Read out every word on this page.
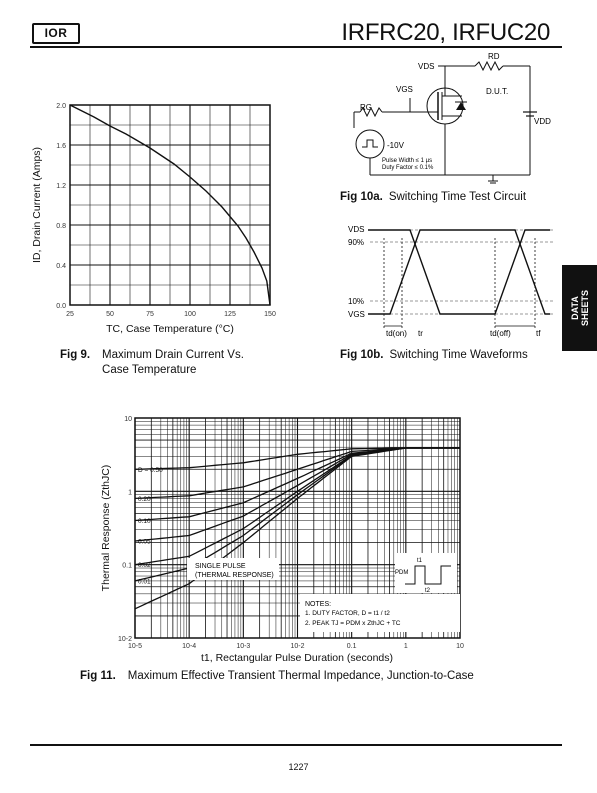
IOR	IRFRC20, IRFUC20
DATA
SHEETS
25	50	75	100	125	150
0.0
0.4
0.8
1.2
1.6
2.0
TC, Case Temperature (°C)
ID, Drain Current (Amps)
Fig 9. Maximum Drain Current Vs.
Case Temperature
VDS
RD
VDD
VGS	D.U.T.
RG
-10V
Pulse Width ≤ 1 µs Duty Factor ≤ 0.1%
Fig 10a. Switching Time Test Circuit
VDS
90%
10%
VGS
td(on) tr	td(off)	tf
Fig 10b. Switching Time Waveforms
10-5	10-4	10-3	10-2	0.1	1	10
10
1
0.1
10-2
D = 0.50
0.20
0.10
0.05
0.02
0.01
t1, Rectangular Pulse Duration (seconds)
Thermal Response (ZthJC)	SINGLE PULSE (THERMAL RESPONSE)
NOTES:
1. DUTY FACTOR, D = t1 / t2
2. PEAK TJ = PDM x ZthJC + TC
PDM
t1
t2
Fig 11. Maximum Effective Transient Thermal Impedance, Junction-to-Case
1227
